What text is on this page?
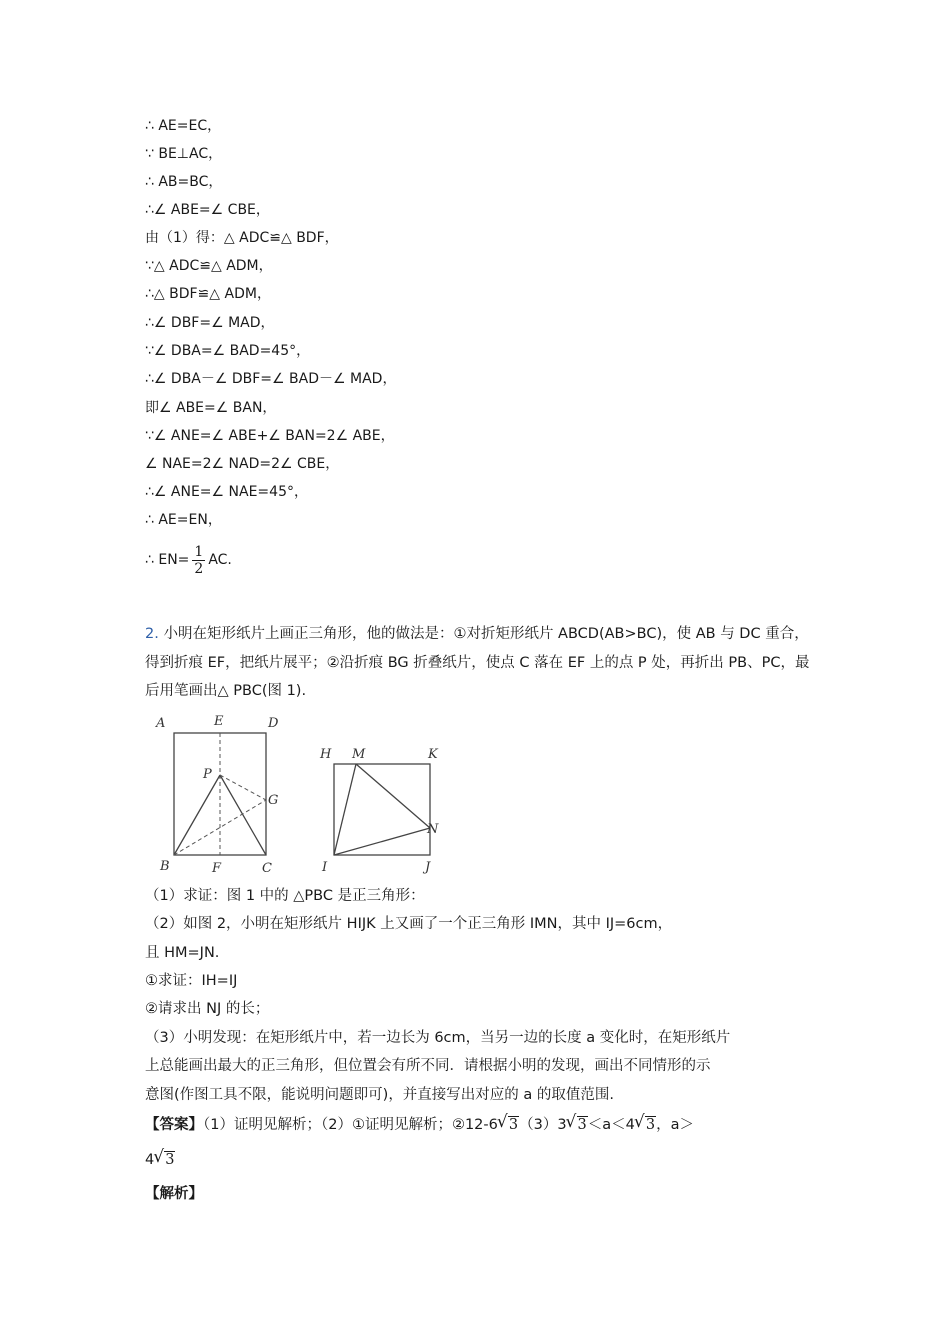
∴ AE=EC，
∵ BE⊥AC，
∴ AB=BC，
∴∠ ABE=∠ CBE，
由（1）得：△ ADC≌△ BDF，
∵△ ADC≌△ ADM，
∴△ BDF≌△ ADM，
∴∠ DBF=∠ MAD，
∵∠ DBA=∠ BAD=45°，
∴∠ DBA－∠ DBF=∠ BAD－∠ MAD，
即∠ ABE=∠ BAN，
∵∠ ANE=∠ ABE+∠ BAN=2∠ ABE，
∠ NAE=2∠ NAD=2∠ CBE，
∴∠ ANE=∠ NAE=45°，
∴ AE=EN，
∴ $EN= \frac{1}{2}$ AC.
2. 小明在矩形纸片上画正三角形，他的做法是：①对折矩形纸片 ABCD(AB>BC)，使 AB 与 DC 重合，得到折痕 EF，把纸片展平；②沿折痕 BG 折叠纸片，使点 C 落在 EF 上的点 P 处，再折出 PB、PC，最后用笔画出△ PBC(图 1).
A	E	D
P
G
B	F	C
H M	K
N
I	J
（1）求证：图 1 中的 △PBC 是正三角形：
（2）如图 2，小明在矩形纸片 HIJK 上又画了一个正三角形 IMN，其中 IJ=6cm，
且 HM=JN.
①求证：IH=IJ
②请求出 NJ 的长；
（3）小明发现：在矩形纸片中，若一边长为 6cm，当另一边的长度 a 变化时，在矩形纸片
上总能画出最大的正三角形，但位置会有所不同．请根据小明的发现，画出不同情形的示
意图(作图工具不限，能说明问题即可)，并直接写出对应的 a 的取值范围.
【答案】（1）证明见解析；（2）①证明见解析；②12-6 √ 3（3）3 √ 3＜a＜4 √ 3，a＞
4 √ 3
【解析】
